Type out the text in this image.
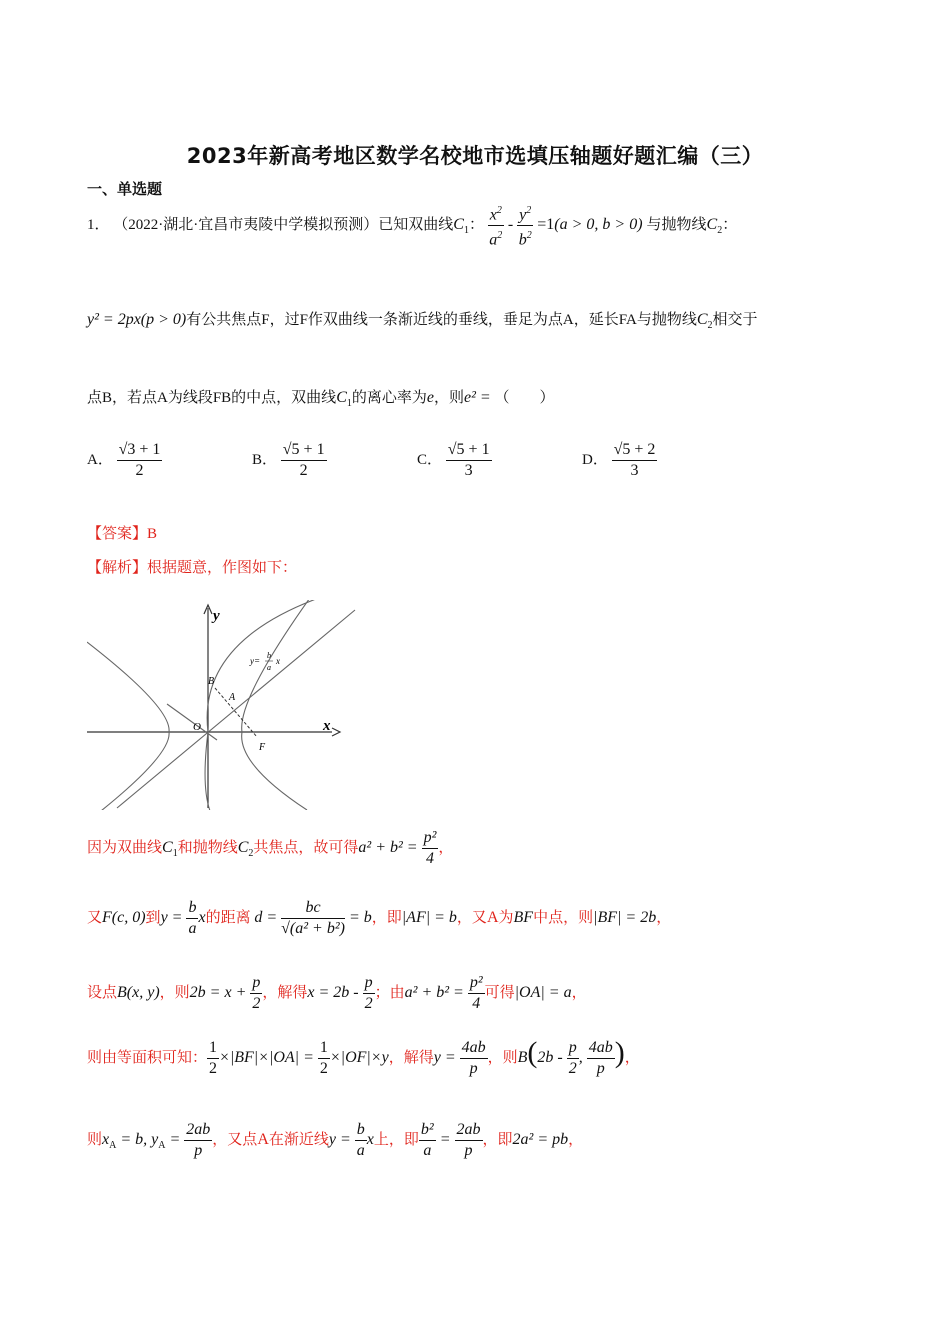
2023年新高考地区数学名校地市选填压轴题好题汇编（三）
一、单选题
1． （2022·湖北·宜昌市夷陵中学模拟预测）已知双曲线$C_1$： $\frac{x^2}{a^2} - \frac{y^2}{b^2} =1(a > 0$, b > 0) 与抛物线$C_2$：
y² = 2px(p > 0)有公共焦点F，过F作双曲线一条渐近线的垂线，垂足为点A，延长FA与抛物线$C_2$相交于
点B，若点A为线段FB的中点，双曲线$C_1$的离心率为e，则e² = （　　）
A． $\frac{√3 + 1}{2}$	B． $\frac{√5 + 1}{2}$	C． $\frac{√5 + 1}{3}$	D． $\frac{√5 + 2}{3}$
【答案】B
【解析】根据题意，作图如下：
y
x
O
B
A
F
y=
b
a
x
因为双曲线$C_1$和抛物线$C_2$共焦点，故可得$a^2 + b^2 = \frac{\text{p²}}{4}$ ，
又F(c, 0)到$y = \frac{b}{a}$ x的距离 $d = \frac{bc}{\text{√(a² + b²)}} = b$，即|AF| = b，又A为BF中点，则|BF| = 2b，
设点B(x, y)，则$2b = x + \frac{p}{2}$ ，解得$x = 2b - \frac{p}{2}$ ；由$a^2 + b^2 = \frac{\text{p²}}{4}$ 可得|OA| = a，
则由等面积可知： $\frac{1}{2} \times|BF|\times|OA| = \frac{1}{2} \times|OF|\times y$，解得$y = \frac{4ab}{p}$ ，则$B(2b - \frac{p}{2}$ , $\frac{4ab}{p}$ )，
则$x_A = b$, $y_A = \frac{2ab}{p}$ ，又点A在渐近线$y = \frac{b}{a}$ x上，即 $\frac{\text{b²}}{a} = \frac{2ab}{p}$ ，即2a² = pb，
